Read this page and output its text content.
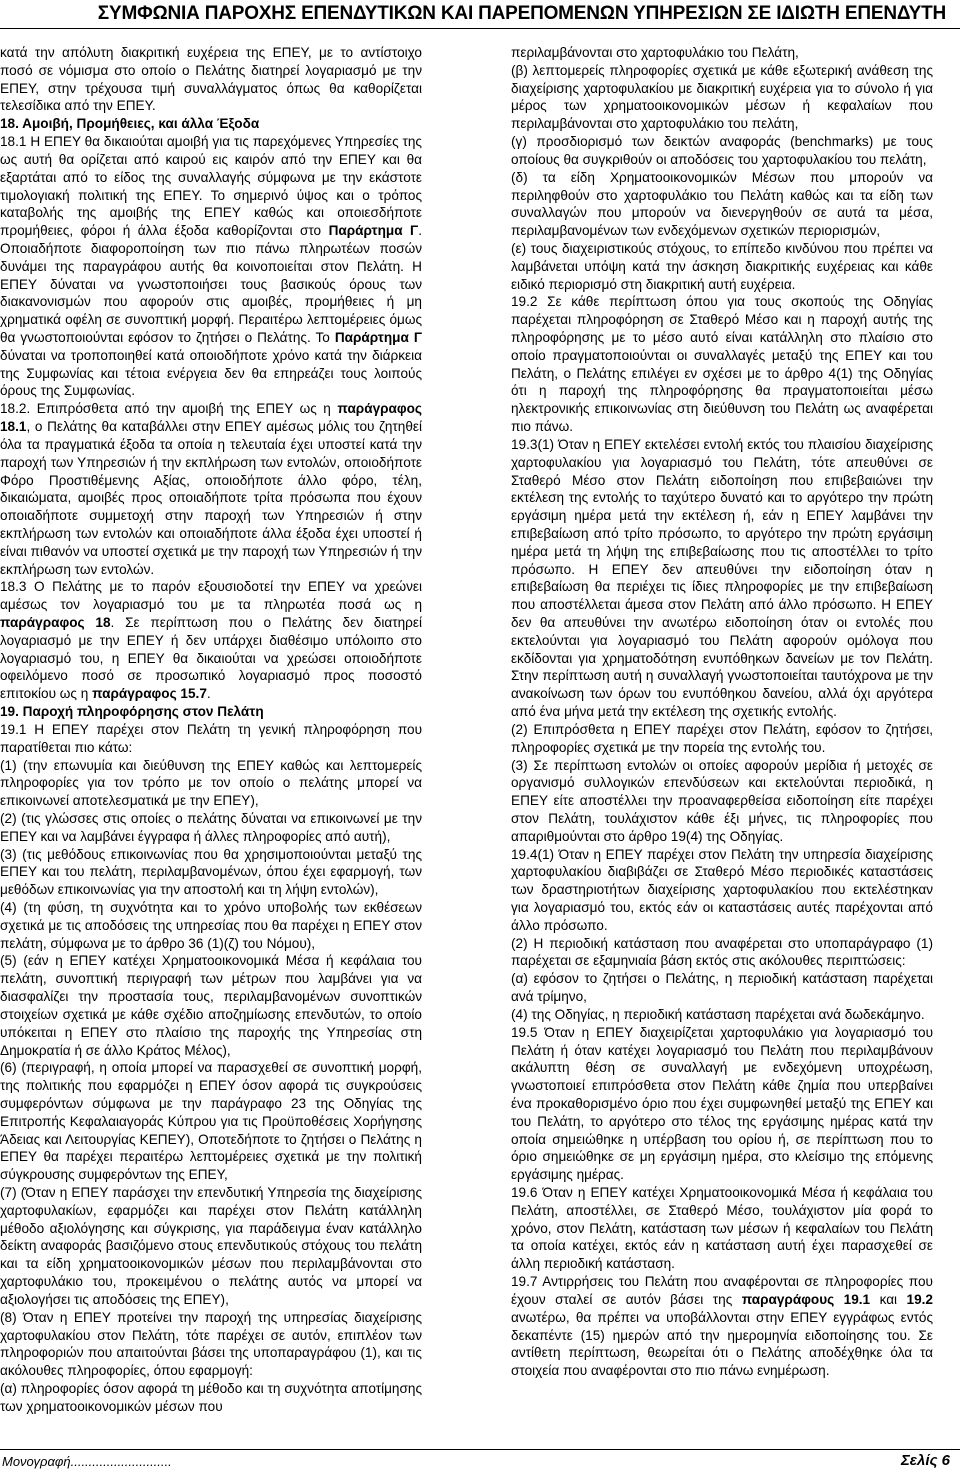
ΣΥΜΦΩΝΙΑ ΠΑΡΟΧΗΣ ΕΠΕΝΔΥΤΙΚΩΝ ΚΑΙ ΠΑΡΕΠΟΜΕΝΩΝ ΥΠΗΡΕΣΙΩΝ ΣΕ ΙΔΙΩΤΗ ΕΠΕΝΔΥΤΗ

κατά την απόλυτη διακριτική ευχέρεια της ΕΠΕΥ, με το αντίστοιχο ποσό σε νόμισμα στο οποίο ο Πελάτης διατηρεί λογαριασμό με την ΕΠΕΥ, στην τρέχουσα τιμή συναλλάγματος όπως θα καθορίζεται τελεσίδικα από την ΕΠΕΥ.

18. Αμοιβή, Προμήθειες, και άλλα Έξοδα

18.1 Η ΕΠΕΥ θα δικαιούται αμοιβή για τις παρεχόμενες Υπηρεσίες της ως αυτή θα ορίζεται από καιρού εις καιρόν από την ΕΠΕΥ και θα εξαρτάται από το είδος της συναλλαγής σύμφωνα με την εκάστοτε τιμολογιακή πολιτική της ΕΠΕΥ. Το σημερινό ύψος και ο τρόπος καταβολής της αμοιβής της ΕΠΕΥ καθώς και οποιεσδήποτε προμήθειες, φόροι ή άλλα έξοδα καθορίζονται στο Παράρτημα Γ. Οποιαδήποτε διαφοροποίηση των πιο πάνω πληρωτέων ποσών δυνάμει της παραγράφου αυτής θα κοινοποιείται στον Πελάτη. Η ΕΠΕΥ δύναται να γνωστοποιήσει τους βασικούς όρους των διακανονισμών που αφορούν στις αμοιβές, προμήθειες ή μη χρηματικά οφέλη σε συνοπτική μορφή. Περαιτέρω λεπτομέρειες όμως θα γνωστοποιούνται εφόσον το ζητήσει ο Πελάτης. Το Παράρτημα Γ δύναται να τροποποιηθεί κατά οποιοδήποτε χρόνο κατά την διάρκεια της Συμφωνίας και τέτοια ενέργεια δεν θα επηρεάζει τους λοιπούς όρους της Συμφωνίας.

18.2. Επιπρόσθετα από την αμοιβή της ΕΠΕΥ ως η παράγραφος 18.1, ο Πελάτης θα καταβάλλει στην ΕΠΕΥ αμέσως μόλις του ζητηθεί όλα τα πραγματικά έξοδα τα οποία η τελευταία έχει υποστεί κατά την παροχή των Υπηρεσιών ή την εκπλήρωση των εντολών, οποιοδήποτε Φόρο Προστιθέμενης Αξίας, οποιοδήποτε άλλο φόρο, τέλη, δικαιώματα, αμοιβές προς οποιαδήποτε τρίτα πρόσωπα που έχουν οποιαδήποτε συμμετοχή στην παροχή των Υπηρεσιών ή στην εκπλήρωση των εντολών και οποιαδήποτε άλλα έξοδα έχει υποστεί ή είναι πιθανόν να υποστεί σχετικά με την παροχή των Υπηρεσιών ή την εκπλήρωση των εντολών.

18.3 Ο Πελάτης με το παρόν εξουσιοδοτεί την ΕΠΕΥ να χρεώνει αμέσως τον λογαριασμό του με τα πληρωτέα ποσά ως η παράγραφος 18. Σε περίπτωση που ο Πελάτης δεν διατηρεί λογαριασμό με την ΕΠΕΥ ή δεν υπάρχει διαθέσιμο υπόλοιπο στο λογαριασμό του, η ΕΠΕΥ θα δικαιούται να χρεώσει οποιοδήποτε οφειλόμενο ποσό σε προσωπικό λογαριασμό προς ποσοστό επιτοκίου ως η παράγραφος 15.7.

19. Παροχή πληροφόρησης στον Πελάτη

19.1 Η ΕΠΕΥ παρέχει στον Πελάτη τη γενική πληροφόρηση που παρατίθεται πιο κάτω:

(1) (την επωνυμία και διεύθυνση της ΕΠΕΥ καθώς και λεπτομερείς πληροφορίες για τον τρόπο με τον οποίο ο πελάτης μπορεί να επικοινωνεί αποτελεσματικά με την ΕΠΕΥ),

(2) (τις γλώσσες στις οποίες ο πελάτης δύναται να επικοινωνεί με την ΕΠΕΥ και να λαμβάνει έγγραφα ή άλλες πληροφορίες από αυτή),

(3) (τις μεθόδους επικοινωνίας που θα χρησιμοποιούνται μεταξύ της ΕΠΕΥ και του πελάτη, περιλαμβανομένων, όπου έχει εφαρμογή, των μεθόδων επικοινωνίας για την αποστολή και τη λήψη εντολών),

(4) (τη φύση, τη συχνότητα και το χρόνο υποβολής των εκθέσεων σχετικά με τις αποδόσεις της υπηρεσίας που θα παρέχει η ΕΠΕΥ στον πελάτη, σύμφωνα με το άρθρο 36 (1)(ζ) του Νόμου),

(5) (εάν η ΕΠΕΥ κατέχει Χρηματοοικονομικά Μέσα ή κεφάλαια του πελάτη, συνοπτική περιγραφή των μέτρων που λαμβάνει για να διασφαλίζει την προστασία τους, περιλαμβανομένων συνοπτικών στοιχείων σχετικά με κάθε σχέδιο αποζημίωσης επενδυτών, το οποίο υπόκειται η ΕΠΕΥ στο πλαίσιο της παροχής της Υπηρεσίας στη Δημοκρατία ή σε άλλο Κράτος Μέλος),

(6) (περιγραφή, η οποία μπορεί να παρασχεθεί σε συνοπτική μορφή, της πολιτικής που εφαρμόζει η ΕΠΕΥ όσον αφορά τις συγκρούσεις συμφερόντων σύμφωνα με την παράγραφο 23 της Οδηγίας της Επιτροπής Κεφαλαιαγοράς Κύπρου για τις Προϋποθέσεις Χορήγησης Άδειας και Λειτουργίας ΚΕΠΕΥ), Οποτεδήποτε το ζητήσει ο Πελάτης η ΕΠΕΥ θα παρέχει περαιτέρω λεπτομέρειες σχετικά με την πολιτική σύγκρουσης συμφερόντων της ΕΠΕΥ,

(7) (Όταν η ΕΠΕΥ παράσχει την επενδυτική Υπηρεσία της διαχείρισης χαρτοφυλακίων, εφαρμόζει και παρέχει στον Πελάτη κατάλληλη μέθοδο αξιολόγησης και σύγκρισης, για παράδειγμα έναν κατάλληλο δείκτη αναφοράς βασιζόμενο στους επενδυτικούς στόχους του πελάτη και τα είδη χρηματοοικονομικών μέσων που περιλαμβάνονται στο χαρτοφυλάκιο του, προκειμένου ο πελάτης αυτός να μπορεί να αξιολογήσει τις αποδόσεις της ΕΠΕΥ),

(8) Όταν η ΕΠΕΥ προτείνει την παροχή της υπηρεσίας διαχείρισης χαρτοφυλακίου στον Πελάτη, τότε παρέχει σε αυτόν, επιπλέον των πληροφοριών που απαιτούνται βάσει της υποπαραγράφου (1), και τις ακόλουθες πληροφορίες, όπου εφαρμογή:

(α) πληροφορίες όσον αφορά τη μέθοδο και τη συχνότητα αποτίμησης των χρηματοοικονομικών μέσων που

περιλαμβάνονται στο χαρτοφυλάκιο του Πελάτη,

(β) λεπτομερείς πληροφορίες σχετικά με κάθε εξωτερική ανάθεση της διαχείρισης χαρτοφυλακίου με διακριτική ευχέρεια για το σύνολο ή για μέρος των χρηματοοικονομικών μέσων ή κεφαλαίων που περιλαμβάνονται στο χαρτοφυλάκιο του πελάτη,

(γ) προσδιορισμό των δεικτών αναφοράς (benchmarks) με τους οποίους θα συγκριθούν οι αποδόσεις του χαρτοφυλακίου του πελάτη,

(δ) τα είδη Χρηματοοικονομικών Μέσων που μπορούν να περιληφθούν στο χαρτοφυλάκιο του Πελάτη καθώς και τα είδη των συναλλαγών που μπορούν να διενεργηθούν σε αυτά τα μέσα, περιλαμβανομένων των ενδεχόμενων σχετικών περιορισμών,

(ε) τους διαχειριστικούς στόχους, το επίπεδο κινδύνου που πρέπει να λαμβάνεται υπόψη κατά την άσκηση διακριτικής ευχέρειας και κάθε ειδικό περιορισμό στη διακριτική αυτή ευχέρεια.

19.2 Σε κάθε περίπτωση όπου για τους σκοπούς της Οδηγίας παρέχεται πληροφόρηση σε Σταθερό Μέσο και η παροχή αυτής της πληροφόρησης με το μέσο αυτό είναι κατάλληλη στο πλαίσιο στο οποίο πραγματοποιούνται οι συναλλαγές μεταξύ της ΕΠΕΥ και του Πελάτη, ο Πελάτης επιλέγει εν σχέσει με το άρθρο 4(1) της Οδηγίας ότι η παροχή της πληροφόρησης θα πραγματοποιείται μέσω ηλεκτρονικής επικοινωνίας στη διεύθυνση του Πελάτη ως αναφέρεται πιο πάνω.

19.3(1) Όταν η ΕΠΕΥ εκτελέσει εντολή εκτός του πλαισίου διαχείρισης χαρτοφυλακίου για λογαριασμό του Πελάτη, τότε απευθύνει σε Σταθερό Μέσο στον Πελάτη ειδοποίηση που επιβεβαιώνει την εκτέλεση της εντολής το ταχύτερο δυνατό και το αργότερο την πρώτη εργάσιμη ημέρα μετά την εκτέλεση ή, εάν η ΕΠΕΥ λαμβάνει την επιβεβαίωση από τρίτο πρόσωπο, το αργότερο την πρώτη εργάσιμη ημέρα μετά τη λήψη της επιβεβαίωσης που τις αποστέλλει το τρίτο πρόσωπο. Η ΕΠΕΥ δεν απευθύνει την ειδοποίηση όταν η επιβεβαίωση θα περιέχει τις ίδιες πληροφορίες με την επιβεβαίωση που αποστέλλεται άμεσα στον Πελάτη από άλλο πρόσωπο. Η ΕΠΕΥ δεν θα απευθύνει την ανωτέρω ειδοποίηση όταν οι εντολές που εκτελούνται για λογαριασμό του Πελάτη αφορούν ομόλογα που εκδίδονται για χρηματοδότηση ενυπόθηκων δανείων με τον Πελάτη. Στην περίπτωση αυτή η συναλλαγή γνωστοποιείται ταυτόχρονα με την ανακοίνωση των όρων του ενυπόθηκου δανείου, αλλά όχι αργότερα από ένα μήνα μετά την εκτέλεση της σχετικής εντολής.

(2) Επιπρόσθετα η ΕΠΕΥ παρέχει στον Πελάτη, εφόσον το ζητήσει, πληροφορίες σχετικά με την πορεία της εντολής του.

(3) Σε περίπτωση εντολών οι οποίες αφορούν μερίδια ή μετοχές σε οργανισμό συλλογικών επενδύσεων και εκτελούνται περιοδικά, η ΕΠΕΥ είτε αποστέλλει την προαναφερθείσα ειδοποίηση είτε παρέχει στον Πελάτη, τουλάχιστον κάθε έξι μήνες, τις πληροφορίες που απαριθμούνται στο άρθρο 19(4) της Οδηγίας.

19.4(1) Όταν η ΕΠΕΥ παρέχει στον Πελάτη την υπηρεσία διαχείρισης χαρτοφυλακίου διαβιβάζει σε Σταθερό Μέσο περιοδικές καταστάσεις των δραστηριοτήτων διαχείρισης χαρτοφυλακίου που εκτελέστηκαν για λογαριασμό του, εκτός εάν οι καταστάσεις αυτές παρέχονται από άλλο πρόσωπο.

(2) Η περιοδική κατάσταση που αναφέρεται στο υποπαράγραφο (1) παρέχεται σε εξαμηνιαία βάση εκτός στις ακόλουθες περιπτώσεις:

(α) εφόσον το ζητήσει ο Πελάτης, η περιοδική κατάσταση παρέχεται ανά τρίμηνο,

(4) της Οδηγίας, η περιοδική κατάσταση παρέχεται ανά δωδεκάμηνο.

19.5 Όταν η ΕΠΕΥ διαχειρίζεται χαρτοφυλάκιο για λογαριασμό του Πελάτη ή όταν κατέχει λογαριασμό του Πελάτη που περιλαμβάνουν ακάλυπτη θέση σε συναλλαγή με ενδεχόμενη υποχρέωση, γνωστοποιεί επιπρόσθετα στον Πελάτη κάθε ζημία που υπερβαίνει ένα προκαθορισμένο όριο που έχει συμφωνηθεί μεταξύ της ΕΠΕΥ και του Πελάτη, το αργότερο στο τέλος της εργάσιμης ημέρας κατά την οποία σημειώθηκε η υπέρβαση του ορίου ή, σε περίπτωση που το όριο σημειώθηκε σε μη εργάσιμη ημέρα, στο κλείσιμο της επόμενης εργάσιμης ημέρας.

19.6 Όταν η ΕΠΕΥ κατέχει Χρηματοοικονομικά Μέσα ή κεφάλαια του Πελάτη, αποστέλλει, σε Σταθερό Μέσο, τουλάχιστον μία φορά το χρόνο, στον Πελάτη, κατάσταση των μέσων ή κεφαλαίων του Πελάτη τα οποία κατέχει, εκτός εάν η κατάσταση αυτή έχει παρασχεθεί σε άλλη περιοδική κατάσταση.

19.7 Αντιρρήσεις του Πελάτη που αναφέρονται σε πληροφορίες που έχουν σταλεί σε αυτόν βάσει της παραγράφους 19.1 και 19.2 ανωτέρω, θα πρέπει να υποβάλλονται στην ΕΠΕΥ εγγράφως εντός δεκαπέντε (15) ημερών από την ημερομηνία ειδοποίησης του. Σε αντίθετη περίπτωση, θεωρείται ότι ο Πελάτης αποδέχθηκε όλα τα στοιχεία που αναφέρονται στο πιο πάνω ενημέρωση.

Μονογραφή............................	Σελίς 6
